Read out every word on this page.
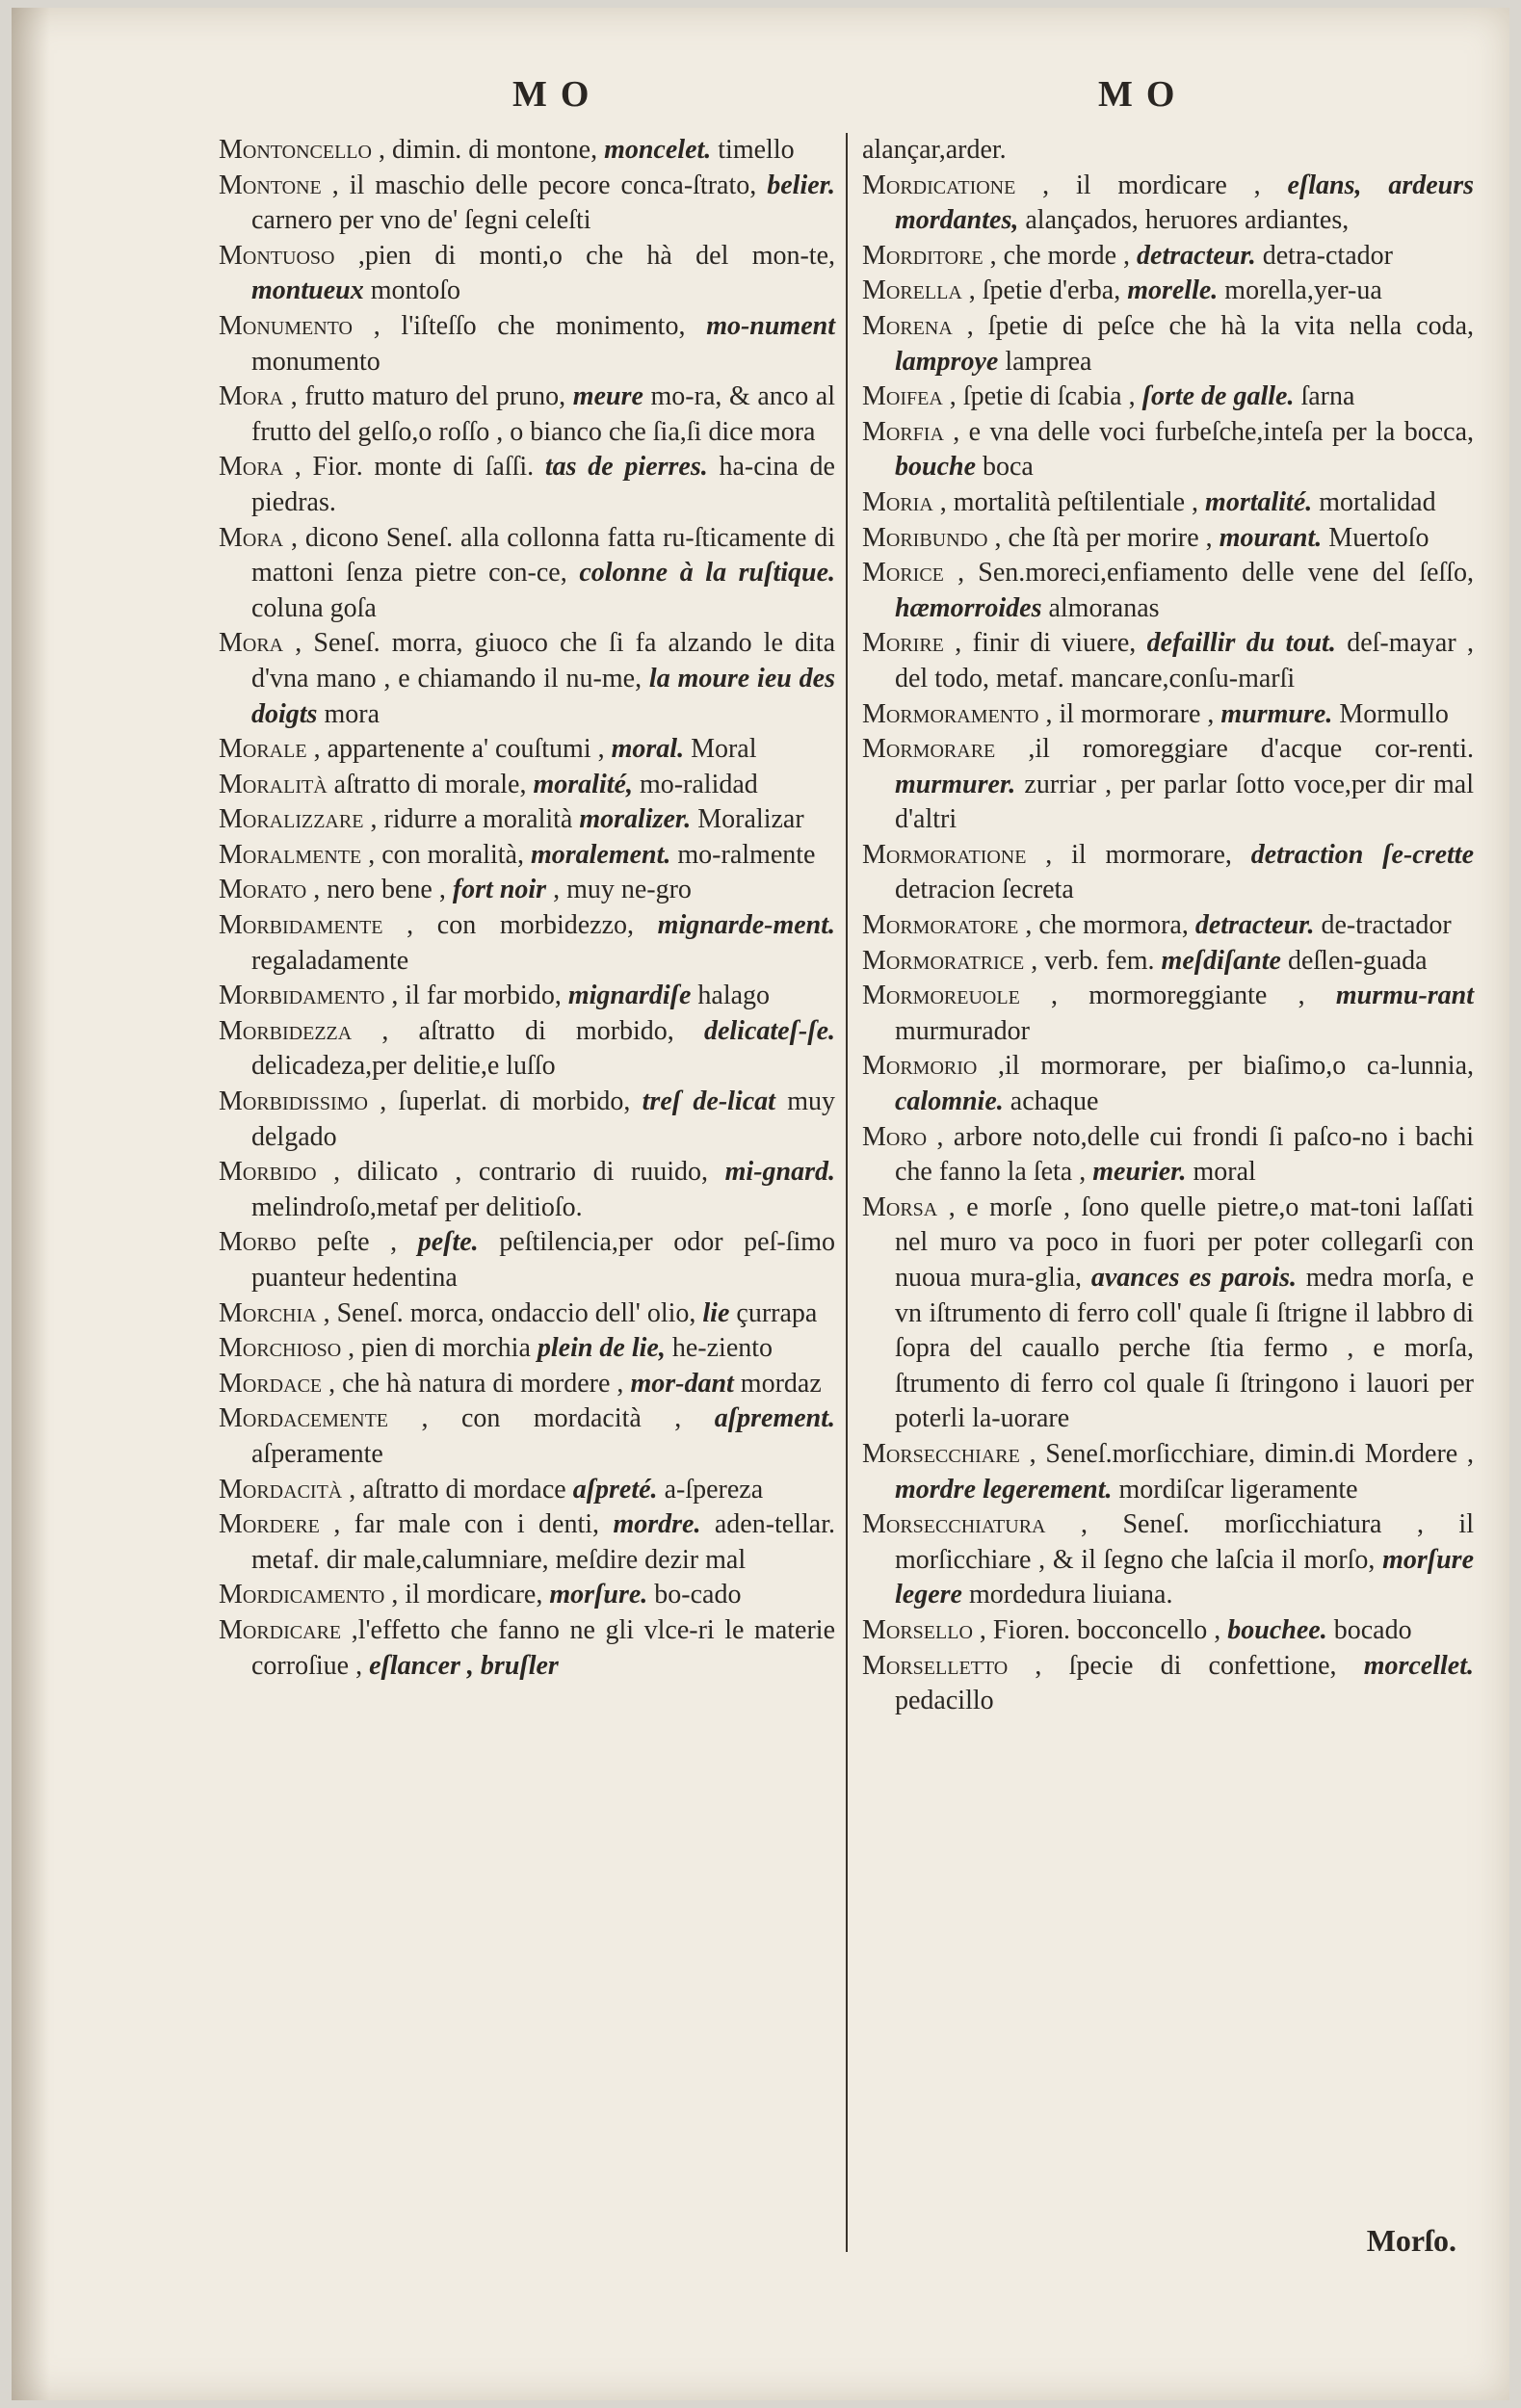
MO	MO

Montoncello , dimin. di montone, moncelet. timello

Montone , il maschio delle pecore conca-ſtrato, belier. carnero per vno de' ſegni celeſti

Montuoſo ,pien di monti,o che hà del mon-te, montueux montoſo

Monumento , l'iſteſſo che monimento, mo-nument monumento

Mora , frutto maturo del pruno, meure mo-ra, & anco al frutto del gelſo,o roſſo , o bianco che ſia,ſi dice mora

Mora , Fior. monte di ſaſſi. tas de pierres. ha-cina de piedras.

Mora , dicono Seneſ. alla collonna fatta ru-ſticamente di mattoni ſenza pietre con-ce, colonne à la ruſtique. coluna goſa

Mora , Seneſ. morra, giuoco che ſi fa alzando le dita d'vna mano , e chiamando il nu-me, la moure ieu des doigts mora

Morale , appartenente a' couſtumi , moral. Moral

Moralità aſtratto di morale, moralité, mo-ralidad

Moralizzare , ridurre a moralità moralizer. Moralizar

Moralmente , con moralità, moralement. mo-ralmente

Morato , nero bene , fort noir , muy ne-gro

Morbidamente , con morbidezzo, mignarde-ment. regaladamente

Morbidamento , il far morbido, mignardiſe halago

Morbidezza , aſtratto di morbido, delicateſ-ſe. delicadeza,per delitie,e luſſo

Morbidiſſimo , ſuperlat. di morbido, treſ de-licat muy delgado

Morbido , dilicato , contrario di ruuido, mi-gnard. melindroſo,metaf per delitioſo.

Morbo peſte , peſte. peſtilencia,per odor peſ-ſimo puanteur hedentina

Morchia , Seneſ. morca, ondaccio dell' olio, lie çurrapa

Morchioſo , pien di morchia plein de lie, he-ziento

Mordace , che hà natura di mordere , mor-dant mordaz

Mordacemente , con mordacità , aſprement. aſperamente

Mordacità , aſtratto di mordace aſpreté. a-ſpereza

Mordere , far male con i denti, mordre. aden-tellar. metaf. dir male,calumniare, meſdire dezir mal

Mordicamento , il mordicare, morſure. bo-cado

Mordicare ,l'effetto che fanno ne gli vlce-ri le materie corroſiue , eſlancer , bruſler

alançar,arder.

Mordicatione , il mordicare , eſlans, ardeurs mordantes, alançados, heruores ardiantes,

Morditore , che morde , detracteur. detra-ctador

Morella , ſpetie d'erba, morelle. morella,yer-ua

Morena , ſpetie di peſce che hà la vita nella coda, lamproye lamprea

Moifea , ſpetie di ſcabia , ſorte de galle. ſarna

Morfia , e vna delle voci furbeſche,inteſa per la bocca, bouche boca

Moria , mortalità peſtilentiale , mortalité. mortalidad

Moribundo , che ſtà per morire , mourant. Muertoſo

Morice , Sen.moreci,enfiamento delle vene del ſeſſo, hæmorroides almoranas

Morire , finir di viuere, defaillir du tout. deſ-mayar , del todo, metaf. mancare,conſu-marſi

Mormoramento , il mormorare , murmure. Mormullo

Mormorare ,il romoreggiare d'acque cor-renti. murmurer. zurriar , per parlar ſotto voce,per dir mal d'altri

Mormoratione , il mormorare, detraction ſe-crette detracion ſecreta

Mormoratore , che mormora, detracteur. de-tractador

Mormoratrice , verb. fem. meſdiſante deſlen-guada

Mormoreuole , mormoreggiante , murmu-rant murmurador

Mormorio ,il mormorare, per biaſimo,o ca-lunnia, calomnie. achaque

Moro , arbore noto,delle cui frondi ſi paſco-no i bachi che fanno la ſeta , meurier. moral

Morſa , e morſe , ſono quelle pietre,o mat-toni laſſati nel muro va poco in fuori per poter collegarſi con nuoua mura-glia, avances es parois. medra morſa, e vn iſtrumento di ferro coll' quale ſi ſtrigne il labbro di ſopra del cauallo perche ſtia fermo , e morſa, ſtrumento di ferro col quale ſi ſtringono i lauori per poterli la-uorare

Morſecchiare , Seneſ.morſicchiare, dimin.di Mordere , mordre legerement. mordiſcar ligeramente

Morſecchiatura , Seneſ. morſicchiatura , il morſicchiare , & il ſegno che laſcia il morſo, morſure legere mordedura liuiana.

Morſello , Fioren. bocconcello , bouchee. bocado

Morſelletto , ſpecie di confettione, morcellet. pedacillo

Morſo.
